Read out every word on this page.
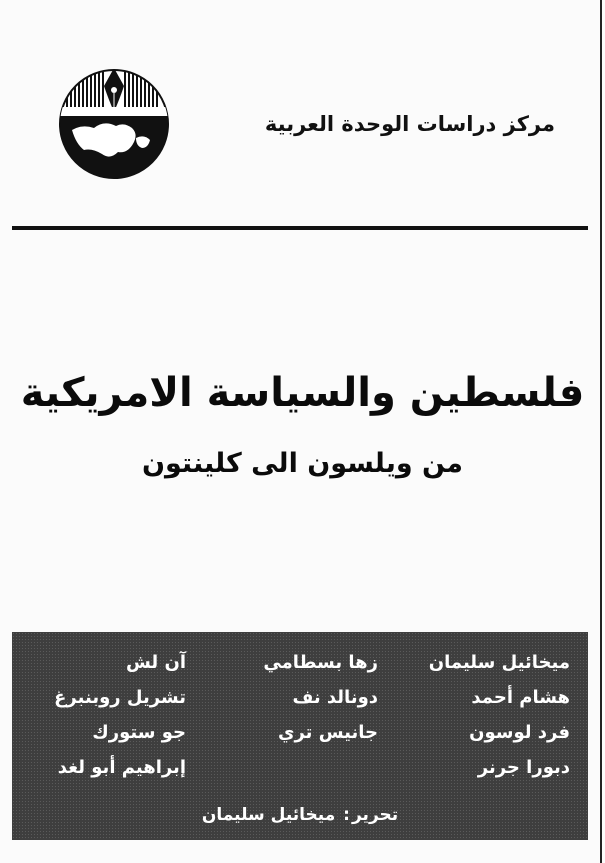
مركز دراسات الوحدة العربية
فلسطين والسياسة الامريكية
من ويلسون الى كلينتون
ميخائيل سليمان
زها بسطامي
آن لش
هشام أحمد
دونالد نف
تشريل روبنبرغ
فرد لوسون
جانيس تري
جو ستورك
دبورا جرنر
إبراهيم أبو لغد
تحرير: ميخائيل سليمان
